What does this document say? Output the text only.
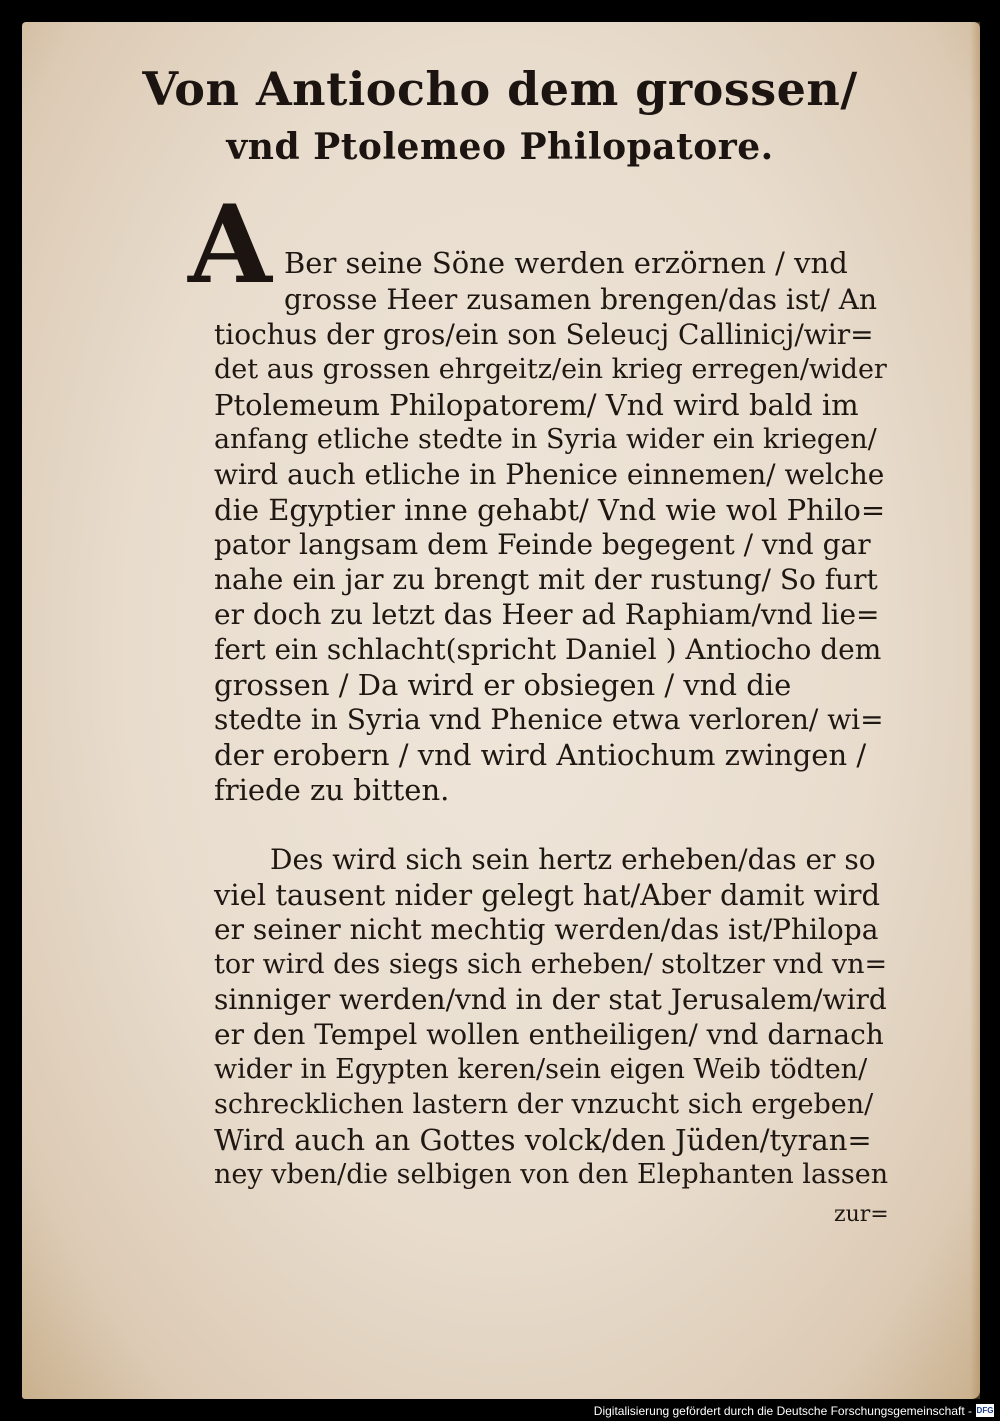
Von Antiocho dem grossen/
vnd Ptolemeo Philopatore.
A Ber seine Söne werden erzörnen / vnd
grosse Heer zusamen brengen/das ist/ An
tiochus der gros/ein son Seleucj Callinicj/wir=
det aus grossen ehrgeitz/ein krieg erregen/wider
Ptolemeum Philopatorem/ Vnd wird bald im
anfang etliche stedte in Syria wider ein kriegen/
wird auch etliche in Phenice einnemen/ welche
die Egyptier inne gehabt/ Vnd wie wol Philo=
pator langsam dem Feinde begegent / vnd gar
nahe ein jar zu brengt mit der rustung/ So furt
er doch zu letzt das Heer ad Raphiam/vnd lie=
fert ein schlacht(spricht Daniel ) Antiocho dem
grossen / Da wird er obsiegen / vnd die
stedte in Syria vnd Phenice etwa verloren/ wi=
der erobern / vnd wird Antiochum zwingen /
friede zu bitten.
Des wird sich sein hertz erheben/das er so
viel tausent nider gelegt hat/Aber damit wird
er seiner nicht mechtig werden/das ist/Philopa
tor wird des siegs sich erheben/ stoltzer vnd vn=
sinniger werden/vnd in der stat Jerusalem/wird
er den Tempel wollen entheiligen/ vnd darnach
wider in Egypten keren/sein eigen Weib tödten/
schrecklichen lastern der vnzucht sich ergeben/
Wird auch an Gottes volck/den Jüden/tyran=
ney vben/die selbigen von den Elephanten lassen
zur=
Digitalisierung gefördert durch die Deutsche Forschungsgemeinschaft - DFG
